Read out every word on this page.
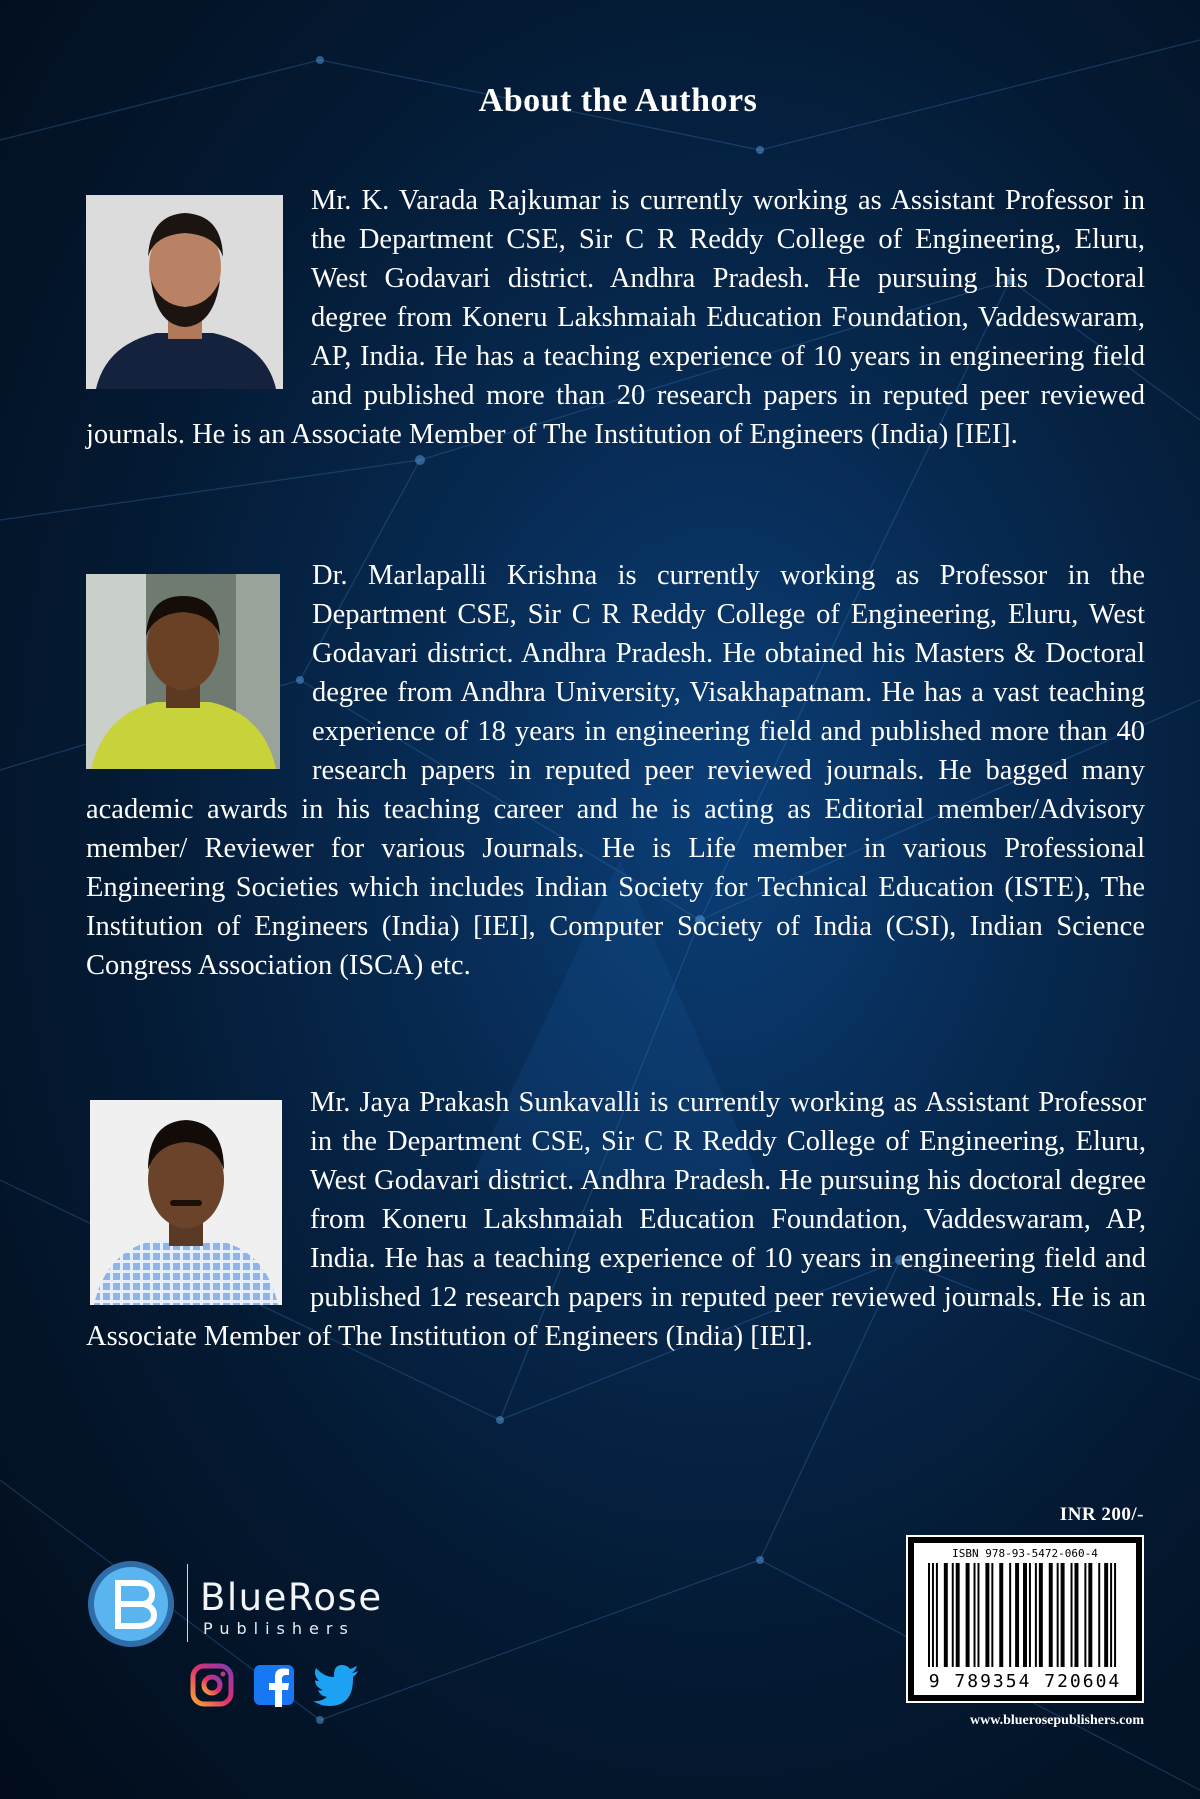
About the Authors
Mr. K. Varada Rajkumar is currently working as Assistant Professor in the Department CSE, Sir C R Reddy College of Engineering, Eluru, West Godavari district. Andhra Pradesh. He pursuing his Doctoral degree from Koneru Lakshmaiah Education Foundation, Vaddeswaram, AP, India. He has a teaching experience of 10 years in engineering field and published more than 20 research papers in reputed peer reviewed journals. He is an Associate Member of The Institution of Engineers (India) [IEI].
Dr. Marlapalli Krishna is currently working as Professor in the Department CSE, Sir C R Reddy College of Engineering, Eluru, West Godavari district. Andhra Pradesh. He obtained his Masters & Doctoral degree from Andhra University, Visakhapatnam. He has a vast teaching experience of 18 years in engineering field and published more than 40 research papers in reputed peer reviewed journals. He bagged many academic awards in his teaching career and he is acting as Editorial member/Advisory member/ Reviewer for various Journals. He is Life member in various Professional Engineering Societies which includes Indian Society for Technical Education (ISTE), The Institution of Engineers (India) [IEI], Computer Society of India (CSI), Indian Science Congress Association (ISCA) etc.
Mr. Jaya Prakash Sunkavalli is currently working as Assistant Professor in the Department CSE, Sir C R Reddy College of Engineering, Eluru, West Godavari district. Andhra Pradesh. He pursuing his doctoral degree from Koneru Lakshmaiah Education Foundation, Vaddeswaram, AP, India. He has a teaching experience of 10 years in engineering field and published 12 research papers in reputed peer reviewed journals. He is an Associate Member of The Institution of Engineers (India) [IEI].
INR 200/-
ISBN 978-93-5472-060-4
9 789354 720604
www.bluerosepublishers.com
BlueRose
Publishers
